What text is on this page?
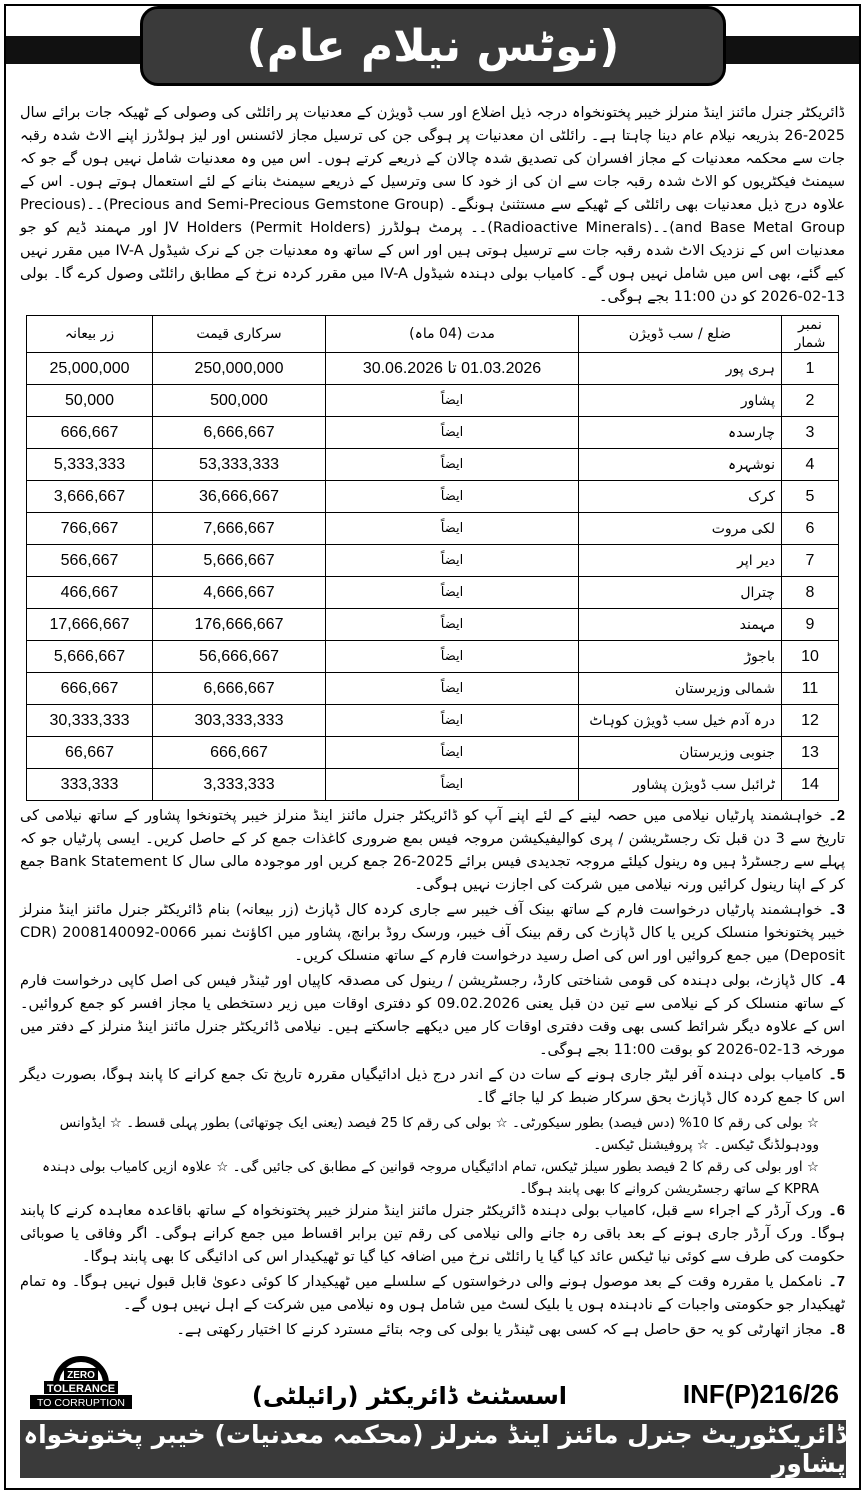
(نوٹس نیلام عام)

ڈائریکٹر جنرل مائنز اینڈ منرلز خیبر پختونخواہ درجہ ذیل اضلاع اور سب ڈویژن کے معدنیات پر رائلٹی کی وصولی کے ٹھیکہ جات برائے سال 2025-26 بذریعہ نیلام عام دینا چاہتا ہے۔ رائلٹی ان معدنیات پر ہوگی جن کی ترسیل مجاز لائسنس اور لیز ہولڈرز اپنے الاٹ شدہ رقبہ جات سے محکمہ معدنیات کے مجاز افسران کی تصدیق شدہ چالان کے ذریعے کرتے ہوں۔ اس میں وہ معدنیات شامل نہیں ہوں گے جو کہ سیمنٹ فیکٹریوں کو الاٹ شدہ رقبہ جات سے ان کی از خود کا سی وترسیل کے ذریعے سیمنٹ بنانے کے لئے استعمال ہوتے ہوں۔ اس کے علاوہ درج ذیل معدنیات بھی رائلٹی کے ٹھیکے سے مستثنیٰ ہونگے۔ (Precious and Semi-Precious Gemstone Group)۔۔(Precious and Base Metal Group)۔۔(Radioactive Minerals)۔۔ پرمٹ ہولڈرز (Permit Holders) JV Holders اور مہمند ڈیم کو جو معدنیات اس کے نزدیک الاٹ شدہ رقبہ جات سے ترسیل ہوتی ہیں اور اس کے ساتھ وہ معدنیات جن کے نرک شیڈول IV-A میں مقرر نہیں کیے گئے، بھی اس میں شامل نہیں ہوں گے۔ کامیاب بولی دہندہ شیڈول IV-A میں مقرر کردہ نرخ کے مطابق رائلٹی وصول کرے گا۔ بولی 13-02-2026 کو دن 11:00 بجے ہوگی۔

نمبر شمار	ضلع / سب ڈویژن	مدت (04 ماہ)	سرکاری قیمت	زر بیعانہ
1	ہری پور	01.03.2026 تا 30.06.2026	250,000,000	25,000,000
2	پشاور	ایضاً	500,000	50,000
3	چارسدہ	ایضاً	6,666,667	666,667
4	نوشہرہ	ایضاً	53,333,333	5,333,333
5	کرک	ایضاً	36,666,667	3,666,667
6	لکی مروت	ایضاً	7,666,667	766,667
7	دیر اپر	ایضاً	5,666,667	566,667
8	چترال	ایضاً	4,666,667	466,667
9	مہمند	ایضاً	176,666,667	17,666,667
10	باجوڑ	ایضاً	56,666,667	5,666,667
11	شمالی وزیرستان	ایضاً	6,666,667	666,667
12	درہ آدم خیل سب ڈویژن کوہاٹ	ایضاً	303,333,333	30,333,333
13	جنوبی وزیرستان	ایضاً	666,667	66,667
14	ٹرائبل سب ڈویژن پشاور	ایضاً	3,333,333	333,333

2۔خواہشمند پارٹیاں نیلامی میں حصہ لینے کے لئے اپنے آپ کو ڈائریکٹر جنرل مائنز اینڈ منرلز خیبر پختونخوا پشاور کے ساتھ نیلامی کی تاریخ سے 3 دن قبل تک رجسٹریشن / پری کوالیفیکیشن مروجہ فیس بمع ضروری کاغذات جمع کر کے حاصل کریں۔ ایسی پارٹیاں جو کہ پہلے سے رجسٹرڈ ہیں وہ رینول کیلئے مروجہ تجدیدی فیس برائے 2025-26 جمع کریں اور موجودہ مالی سال کا Bank Statement جمع کر کے اپنا رینول کرائیں ورنہ نیلامی میں شرکت کی اجازت نہیں ہوگی۔

3۔خواہشمند پارٹیاں درخواست فارم کے ساتھ بینک آف خیبر سے جاری کردہ کال ڈپازٹ (زر بیعانہ) بنام ڈائریکٹر جنرل مائنز اینڈ منرلز خیبر پختونخوا منسلک کریں یا کال ڈپازٹ کی رقم بینک آف خیبر، ورسک روڈ برانچ، پشاور میں اکاؤنٹ نمبر 0066-2008140092 (CDR Deposit) میں جمع کروائیں اور اس کی اصل رسید درخواست فارم کے ساتھ منسلک کریں۔

4۔کال ڈپازٹ، بولی دہندہ کی قومی شناختی کارڈ، رجسٹریشن / رینول کی مصدقہ کاپیاں اور ٹینڈر فیس کی اصل کاپی درخواست فارم کے ساتھ منسلک کر کے نیلامی سے تین دن قبل یعنی 09.02.2026 کو دفتری اوقات میں زیر دستخطی یا مجاز افسر کو جمع کروائیں۔ اس کے علاوہ دیگر شرائط کسی بھی وقت دفتری اوقات کار میں دیکھے جاسکتے ہیں۔ نیلامی ڈائریکٹر جنرل مائنز اینڈ منرلز کے دفتر میں مورخہ 13-02-2026 کو بوقت 11:00 بجے ہوگی۔

5۔کامیاب بولی دہندہ آفر لیٹر جاری ہونے کے سات دن کے اندر درج ذیل ادائیگیاں مقررہ تاریخ تک جمع کرانے کا پابند ہوگا، بصورت دیگر اس کا جمع کردہ کال ڈپازٹ بحق سرکار ضبط کر لیا جائے گا۔

☆ بولی کی رقم کا 10% (دس فیصد) بطور سیکورٹی۔ ☆ بولی کی رقم کا 25 فیصد (یعنی ایک چوتھائی) بطور پہلی قسط۔ ☆ ایڈوانس وودہولڈنگ ٹیکس۔ ☆ پروفیشنل ٹیکس۔
☆ اور بولی کی رقم کا 2 فیصد بطور سیلز ٹیکس، تمام ادائیگیاں مروجہ قوانین کے مطابق کی جائیں گی۔ ☆ علاوہ ازیں کامیاب بولی دہندہ KPRA کے ساتھ رجسٹریشن کروانے کا بھی پابند ہوگا۔

6۔ورک آرڈر کے اجراء سے قبل، کامیاب بولی دہندہ ڈائریکٹر جنرل مائنز اینڈ منرلز خیبر پختونخواہ کے ساتھ باقاعدہ معاہدہ کرنے کا پابند ہوگا۔ ورک آرڈر جاری ہونے کے بعد باقی رہ جانے والی نیلامی کی رقم تین برابر اقساط میں جمع کرانے ہوگی۔ اگر وفاقی یا صوبائی حکومت کی طرف سے کوئی نیا ٹیکس عائد کیا گیا یا رائلٹی نرخ میں اضافہ کیا گیا تو ٹھیکیدار اس کی ادائیگی کا بھی پابند ہوگا۔

7۔نامکمل یا مقررہ وقت کے بعد موصول ہونے والی درخواستوں کے سلسلے میں ٹھیکیدار کا کوئی دعویٰ قابل قبول نہیں ہوگا۔ وہ تمام ٹھیکیدار جو حکومتی واجبات کے نادہندہ ہوں یا بلیک لسٹ میں شامل ہوں وہ نیلامی میں شرکت کے اہل نہیں ہوں گے۔

8۔مجاز اتھارٹی کو یہ حق حاصل ہے کہ کسی بھی ٹینڈر یا بولی کی وجہ بتائے مسترد کرنے کا اختیار رکھتی ہے۔

ZERO
TOLERANCE
TO CORRUPTION	اسسٹنٹ ڈائریکٹر (رائیلٹی)	INF(P)216/26
ڈائریکٹوریٹ جنرل مائنز اینڈ منرلز (محکمہ معدنیات) خیبر پختونخواہ پشاور
